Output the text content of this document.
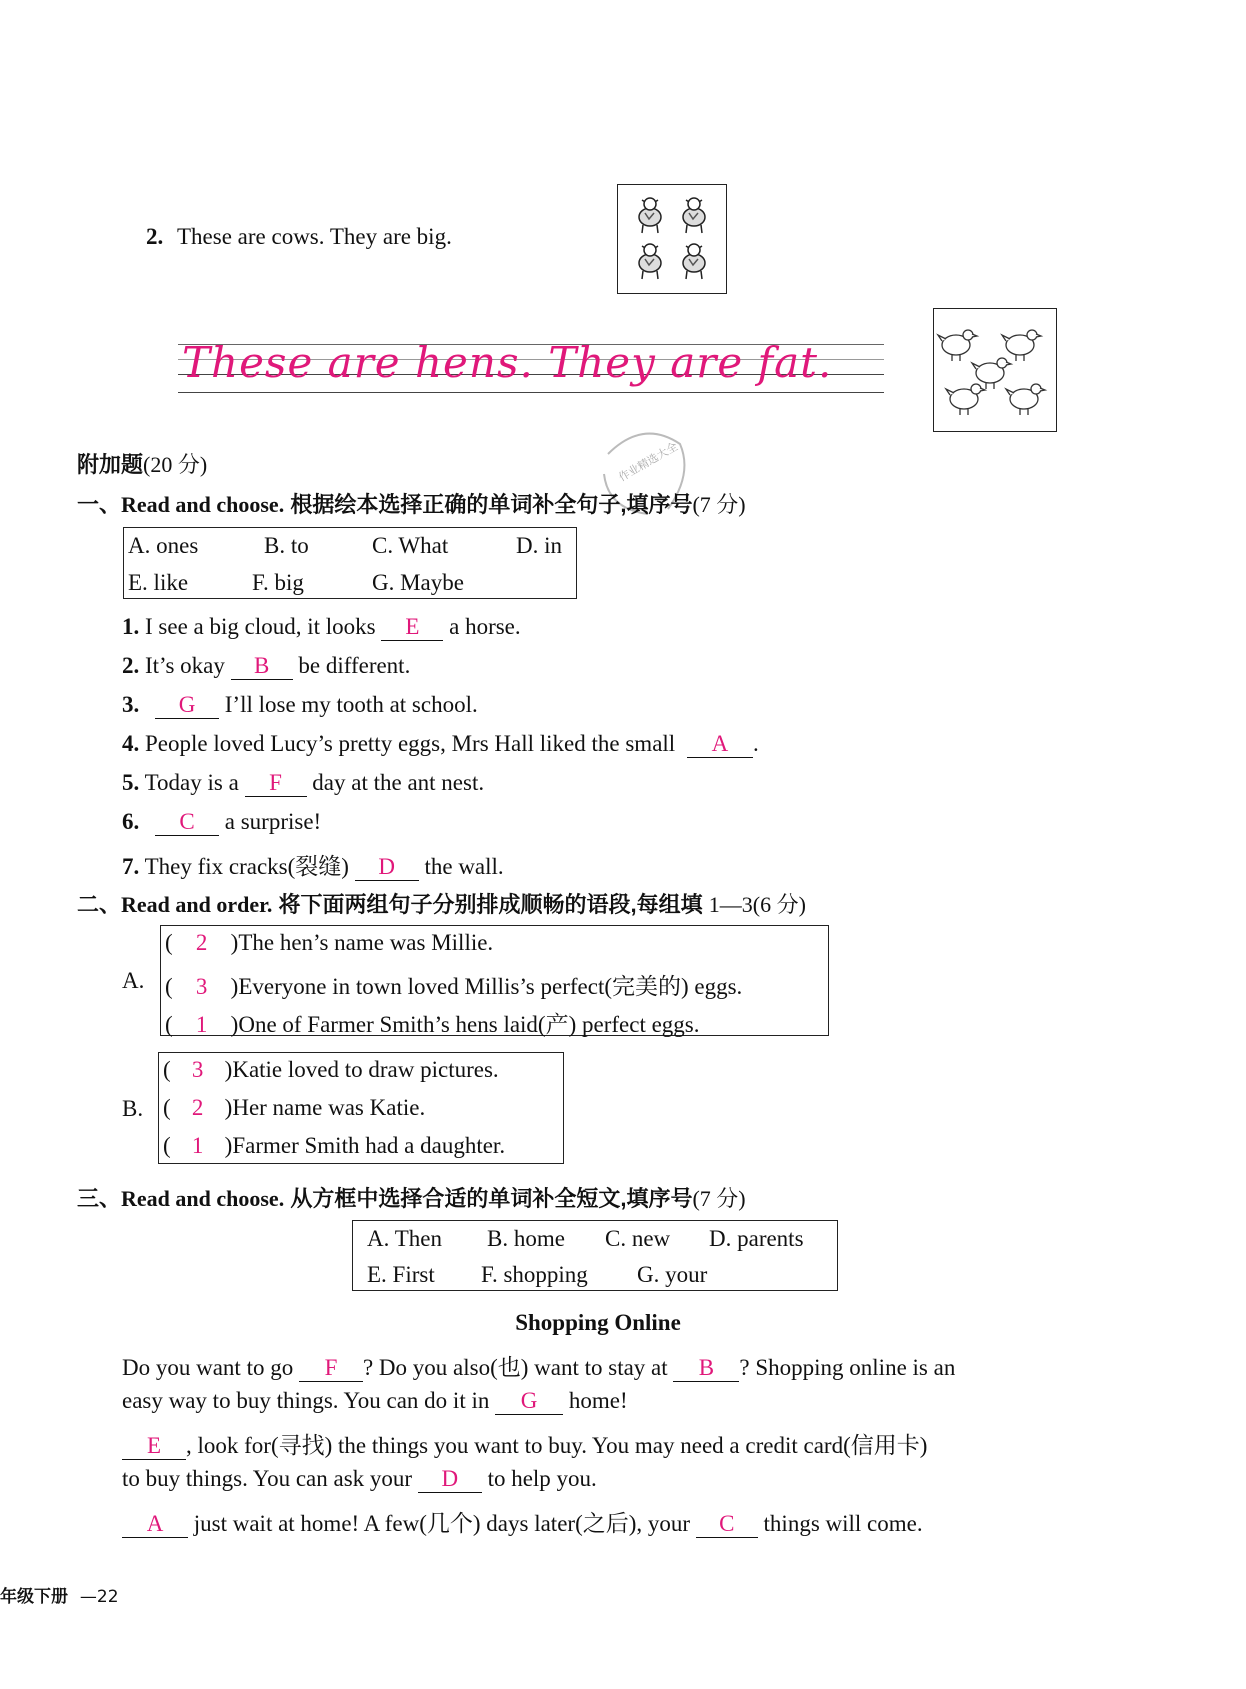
2. These are cows. They are big.
These are hens. They are fat.
作业精选大全
附加题(20 分)
一、Read and choose. 根据绘本选择正确的单词补全句子,填序号(7 分)
A. ones	B. to	C. What	D. in
E. like	F. big	G. Maybe
1. I see a big cloud, it looks E a horse.
2. It’s okay B be different.
3. G I’ll lose my tooth at school.
4. People loved Lucy’s pretty eggs, Mrs Hall liked the small A .
5. Today is a F day at the ant nest.
6. C a surprise!
7. They fix cracks(裂缝) D the wall.
二、Read and order. 将下面两组句子分别排成顺畅的语段,每组填 1—3(6 分)
A.
( 2 )The hen’s name was Millie.
( 3 )Everyone in town loved Millis’s perfect(完美的) eggs.
( 1 )One of Farmer Smith’s hens laid(产) perfect eggs.
B.
( 3 )Katie loved to draw pictures.
( 2 )Her name was Katie.
( 1 )Farmer Smith had a daughter.
三、Read and choose. 从方框中选择合适的单词补全短文,填序号(7 分)
A. Then B. home C. new D. parents
E. First F. shopping G. your
Shopping Online
Do you want to go F ? Do you also(也) want to stay at B ? Shopping online is an
easy way to buy things. You can do it in G home!
E , look for(寻找) the things you want to buy. You may need a credit card(信用卡)
to buy things. You can ask your D to help you.
A just wait at home! A few(几个) days later(之后), your C things will come.
年级下册 —22
